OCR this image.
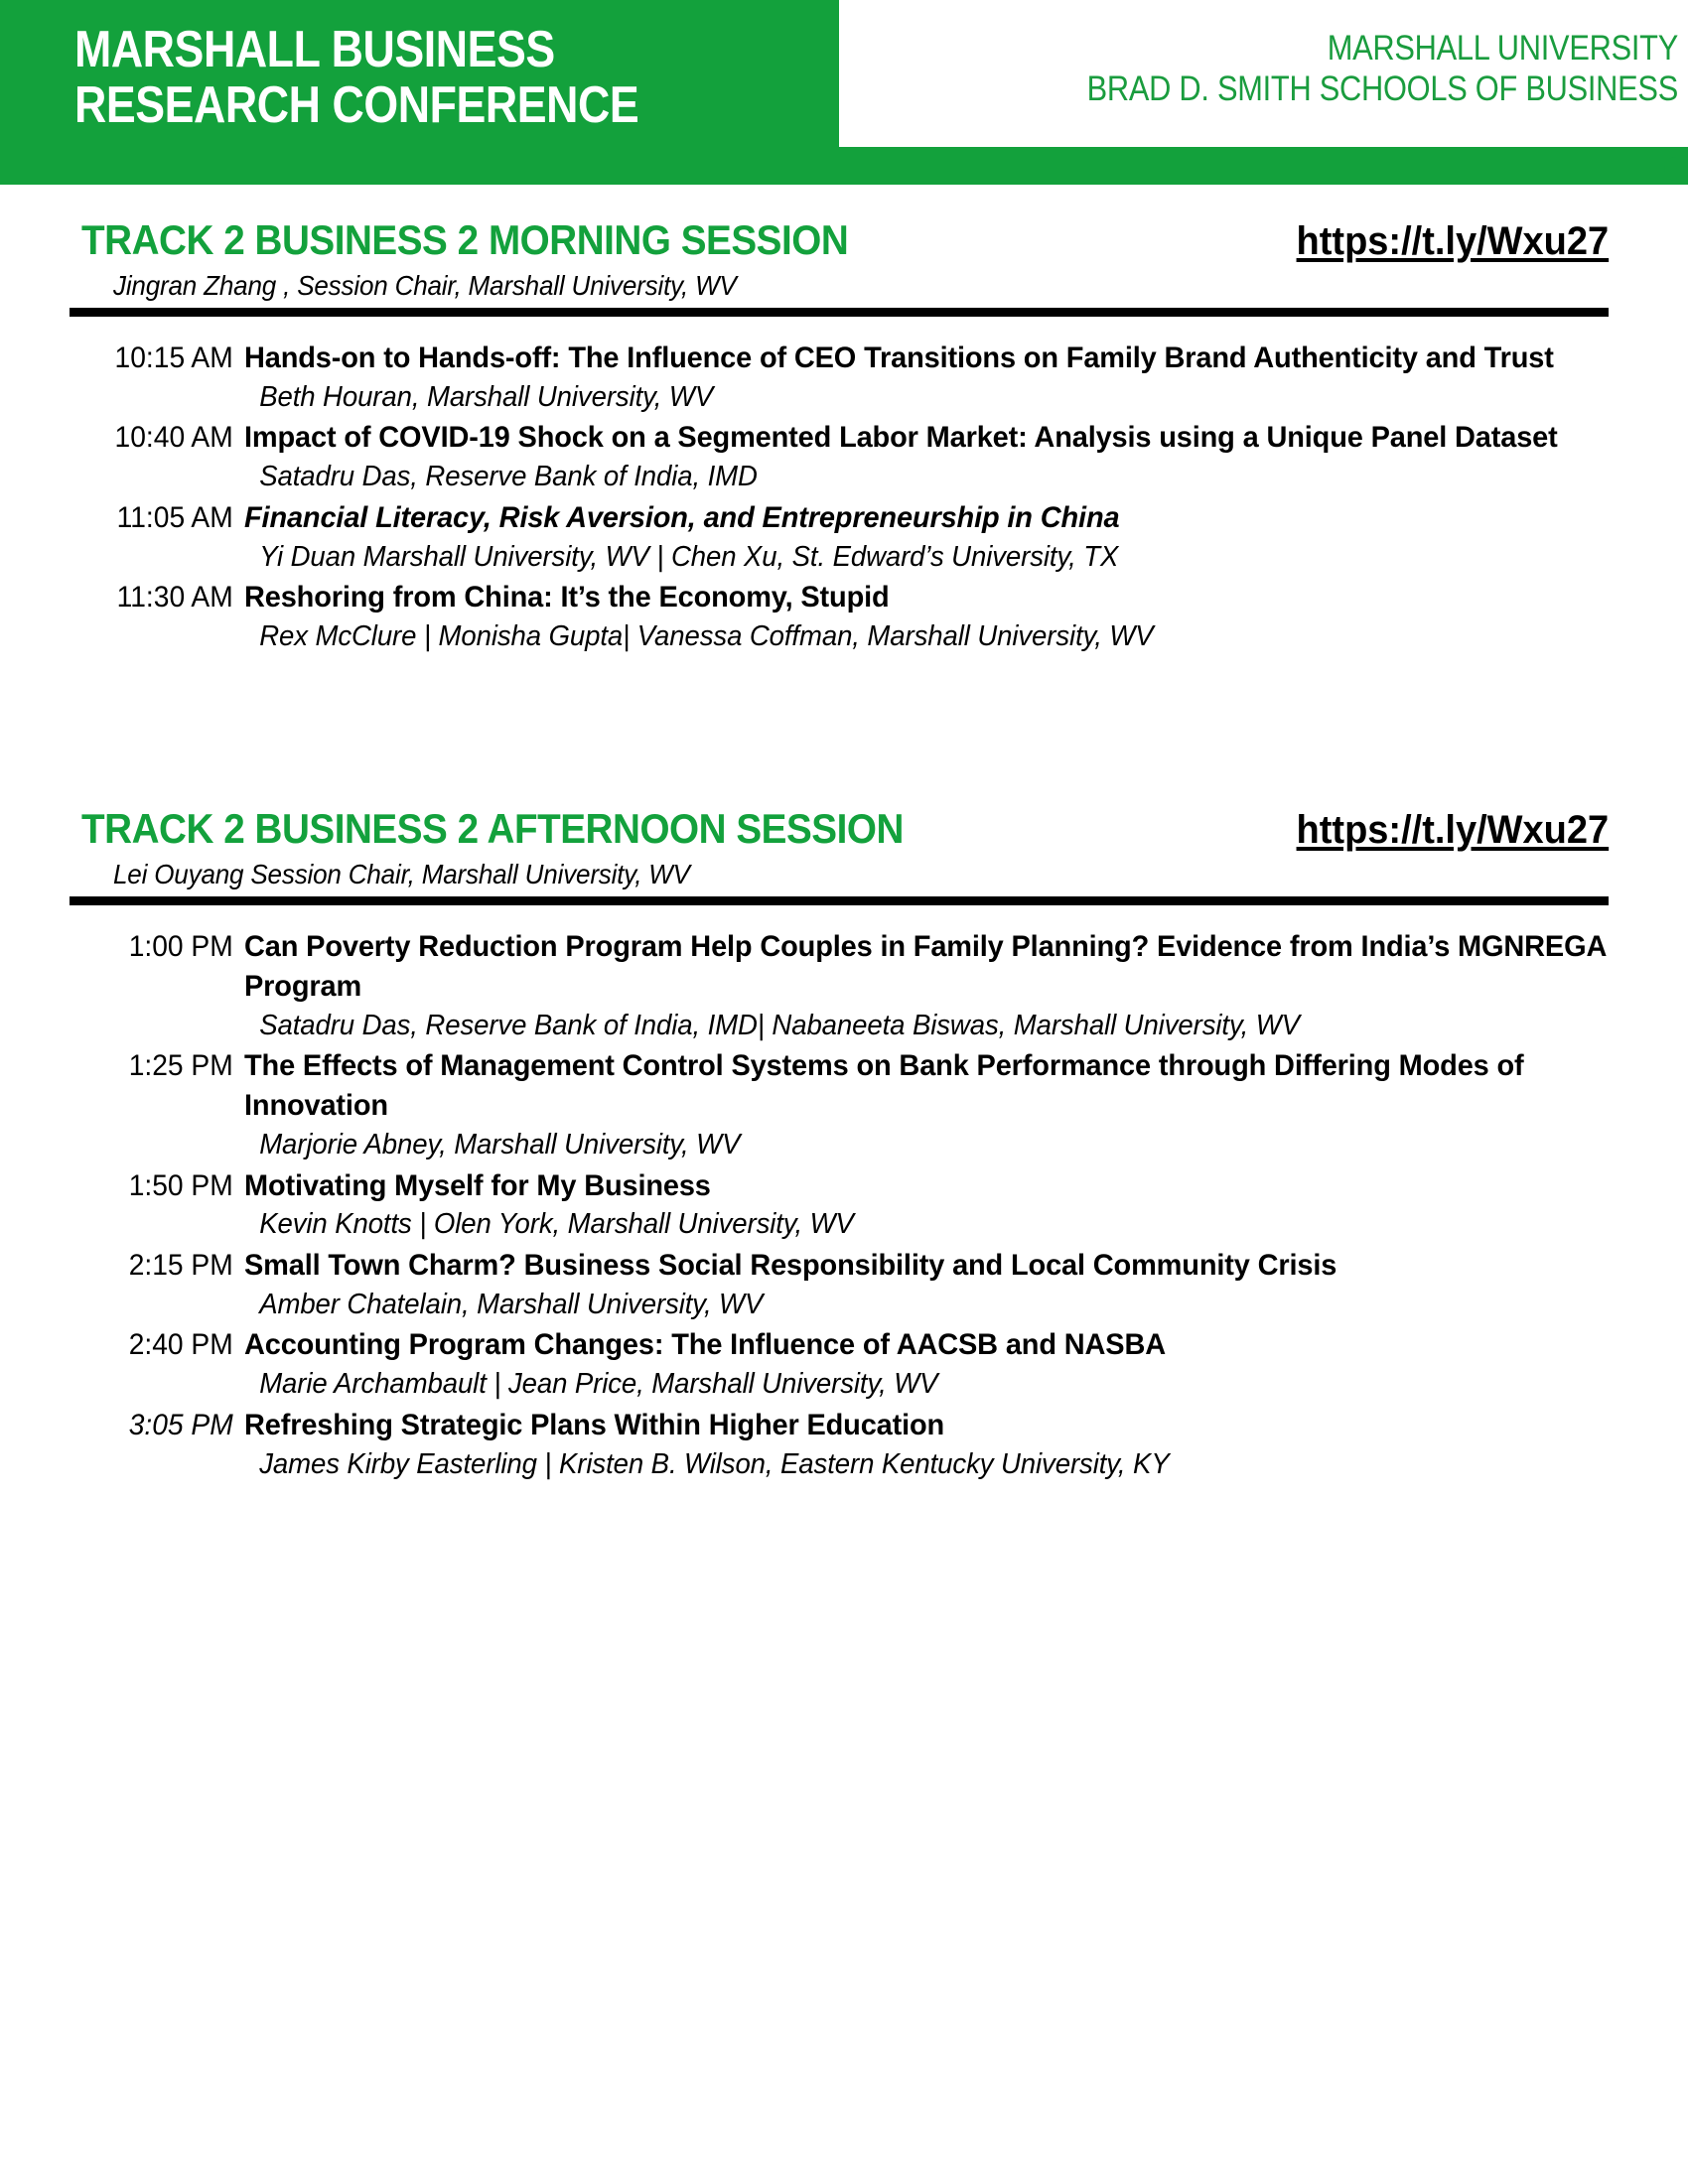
MARSHALL BUSINESS
RESEARCH CONFERENCE
MARSHALL UNIVERSITY
BRAD D. SMITH SCHOOLS OF BUSINESS
TRACK 2 BUSINESS 2 MORNING SESSION	https://t.ly/Wxu27
Jingran Zhang , Session Chair, Marshall University, WV
10:15 AM Hands-on to Hands-off: The Influence of CEO Transitions on Family Brand Authenticity and Trust
Beth Houran, Marshall University, WV
10:40 AM Impact of COVID-19 Shock on a Segmented Labor Market: Analysis using a Unique Panel Dataset
Satadru Das, Reserve Bank of India, IMD
11:05 AM Financial Literacy, Risk Aversion, and Entrepreneurship in China
Yi Duan Marshall University, WV | Chen Xu, St. Edward’s University, TX
11:30 AM Reshoring from China: It’s the Economy, Stupid
Rex McClure | Monisha Gupta| Vanessa Coffman, Marshall University, WV
TRACK 2 BUSINESS 2 AFTERNOON SESSION	https://t.ly/Wxu27
Lei Ouyang Session Chair, Marshall University, WV
1:00 PM Can Poverty Reduction Program Help Couples in Family Planning? Evidence from India’s MGNREGA Program
Satadru Das, Reserve Bank of India, IMD| Nabaneeta Biswas, Marshall University, WV
1:25 PM The Effects of Management Control Systems on Bank Performance through Differing Modes of Innovation
Marjorie Abney, Marshall University, WV
1:50 PM Motivating Myself for My Business
Kevin Knotts | Olen York, Marshall University, WV
2:15 PM Small Town Charm? Business Social Responsibility and Local Community Crisis
Amber Chatelain, Marshall University, WV
2:40 PM Accounting Program Changes: The Influence of AACSB and NASBA
Marie Archambault | Jean Price, Marshall University, WV
3:05 PM Refreshing Strategic Plans Within Higher Education
James Kirby Easterling | Kristen B. Wilson, Eastern Kentucky University, KY
